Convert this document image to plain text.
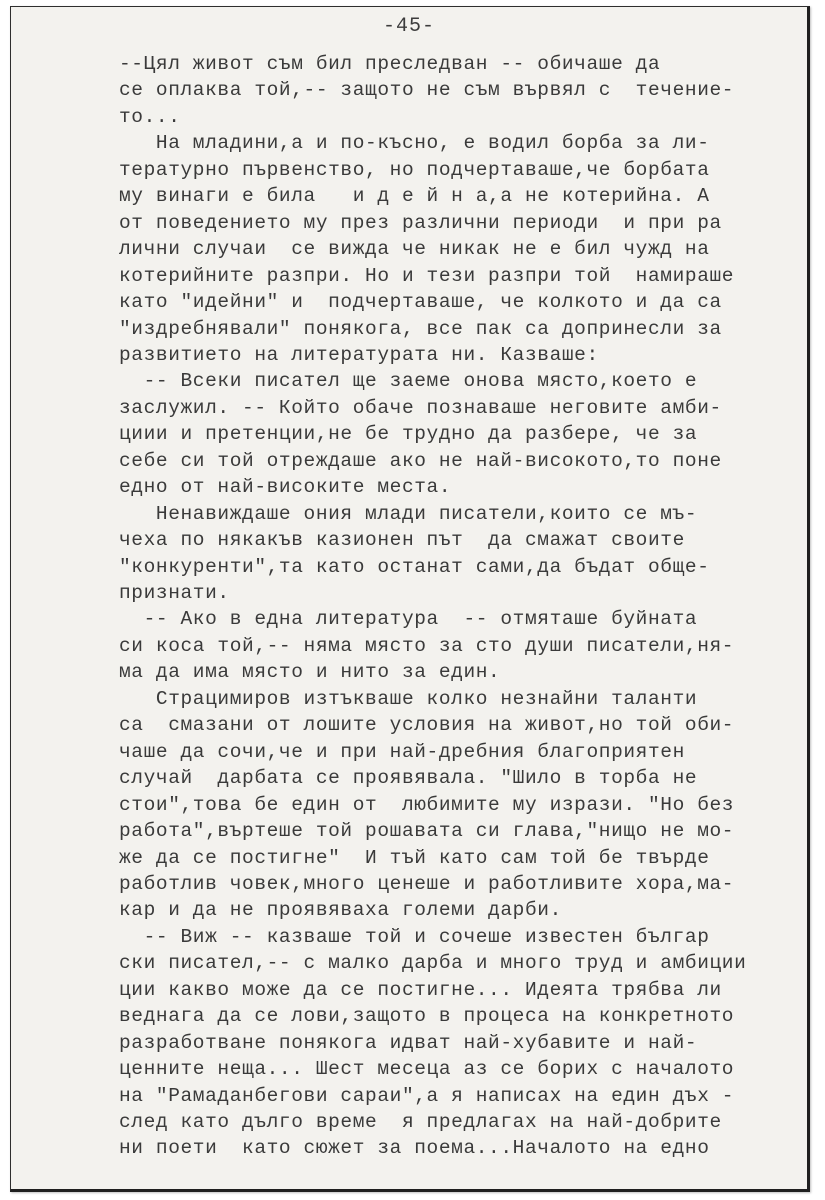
-45-
--Цял живот съм бил преследван -- обичаше да
се оплаква той,-- защото не съм вървял с  течение-
то...
На младини,а и по-късно, е водил борба за ли-
тературно първенство, но подчертаваше,че борбата
му винаги е била   и д е й н а,а не котерийна. А
от поведението му през различни периоди  и при ра
лични случаи  се вижда че никак не е бил чужд на
котерийните разпри. Но и тези разпри той  намираше
като "идейни" и  подчертаваше, че колкото и да са
"издребнявали" понякога, все пак са допринесли за
развитието на литературата ни. Казваше:
-- Всеки писател ще заеме онова място,което е
заслужил. -- Който обаче познаваше неговите амби-
циии и претенции,не бе трудно да разбере, че за
себе си той отреждаше ако не най-високото,то поне
едно от най-високите места.
Ненавиждаше ония млади писатели,които се мъ-
чеха по някакъв казионен път  да смажат своите
"конкуренти",та като останат сами,да бъдат обще-
признати.
-- Ако в една литература  -- отмяташе буйната
си коса той,-- няма място за сто души писатели,ня-
ма да има място и нито за един.
Страцимиров изтъкваше колко незнайни таланти
са  смазани от лошите условия на живот,но той оби-
чаше да сочи,че и при най-дребния благоприятен
случай  дарбата се проявявала. "Шило в торба не
стои",това бе един от  любимите му изрази. "Но без
работа",въртеше той рошавата си глава,"нищо не мо-
же да се постигне"  И тъй като сам той бе твърде
работлив човек,много ценеше и работливите хора,ма-
кар и да не проявяваха големи дарби.
-- Виж -- казваше той и сочеше известен българ
ски писател,-- с малко дарба и много труд и амбиции
ции какво може да се постигне... Идеята трябва ли
веднага да се лови,защото в процеса на конкретното
разработване понякога идват най-хубавите и най-
ценните неща... Шест месеца аз се борих с началото
на "Рамаданбегови сараи",а я написах на един дъх -
след като дълго време  я предлагах на най-добрите
ни поети  като сюжет за поема...Началото на едно
